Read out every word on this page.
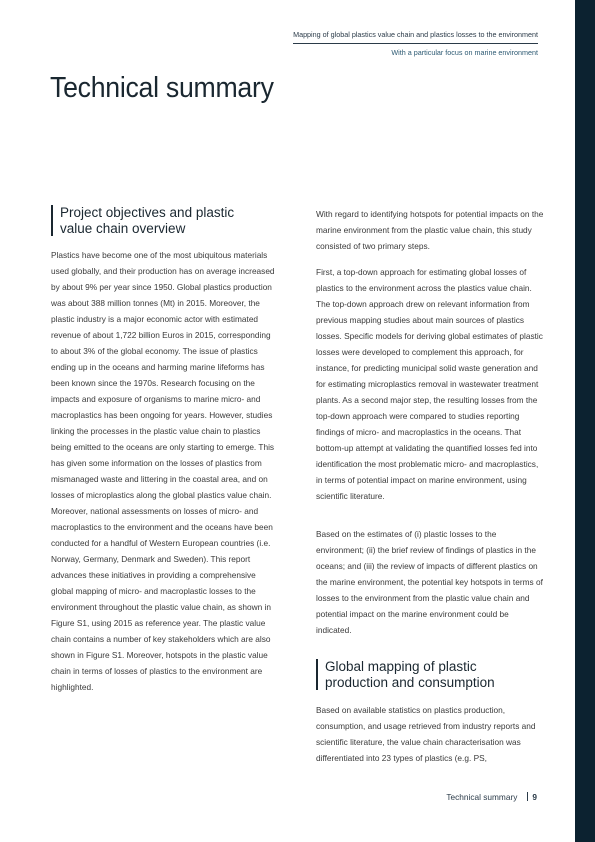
Mapping of global plastics value chain and plastics losses to the environment
With a particular focus on marine environment
Technical summary
Project objectives and plastic value chain overview

Plastics have become one of the most ubiquitous materials used globally, and their production has on average increased by about 9% per year since 1950. Global plastics production was about 388 million tonnes (Mt) in 2015. Moreover, the plastic industry is a major economic actor with estimated revenue of about 1,722 billion Euros in 2015, corresponding to about 3% of the global economy. The issue of plastics ending up in the oceans and harming marine lifeforms has been known since the 1970s. Research focusing on the impacts and exposure of organisms to marine micro- and macroplastics has been ongoing for years. However, studies linking the processes in the plastic value chain to plastics being emitted to the oceans are only starting to emerge. This has given some information on the losses of plastics from mismanaged waste and littering in the coastal area, and on losses of microplastics along the global plastics value chain. Moreover, national assessments on losses of micro- and macroplastics to the environment and the oceans have been conducted for a handful of Western European countries (i.e. Norway, Germany, Denmark and Sweden). This report advances these initiatives in providing a comprehensive global mapping of micro- and macroplastic losses to the environment throughout the plastic value chain, as shown in Figure S1, using 2015 as reference year. The plastic value chain contains a number of key stakeholders which are also shown in Figure S1. Moreover, hotspots in the plastic value chain in terms of losses of plastics to the environment are highlighted.

With regard to identifying hotspots for potential impacts on the marine environment from the plastic value chain, this study consisted of two primary steps.

First, a top-down approach for estimating global losses of plastics to the environment across the plastics value chain. The top-down approach drew on relevant information from previous mapping studies about main sources of plastics losses. Specific models for deriving global estimates of plastic losses were developed to complement this approach, for instance, for predicting municipal solid waste generation and for estimating microplastics removal in wastewater treatment plants. As a second major step, the resulting losses from the top-down approach were compared to studies reporting findings of micro- and macroplastics in the oceans. That bottom-up attempt at validating the quantified losses fed into identification the most problematic micro- and macroplastics, in terms of potential impact on marine environment, using scientific literature.

Based on the estimates of (i) plastic losses to the environment; (ii) the brief review of findings of plastics in the oceans; and (iii) the review of impacts of different plastics on the marine environment, the potential key hotspots in terms of losses to the environment from the plastic value chain and potential impact on the marine environment could be indicated.

Global mapping of plastic production and consumption

Based on available statistics on plastics production, consumption, and usage retrieved from industry reports and scientific literature, the value chain characterisation was differentiated into 23 types of plastics (e.g. PS,

Technical summary 9
